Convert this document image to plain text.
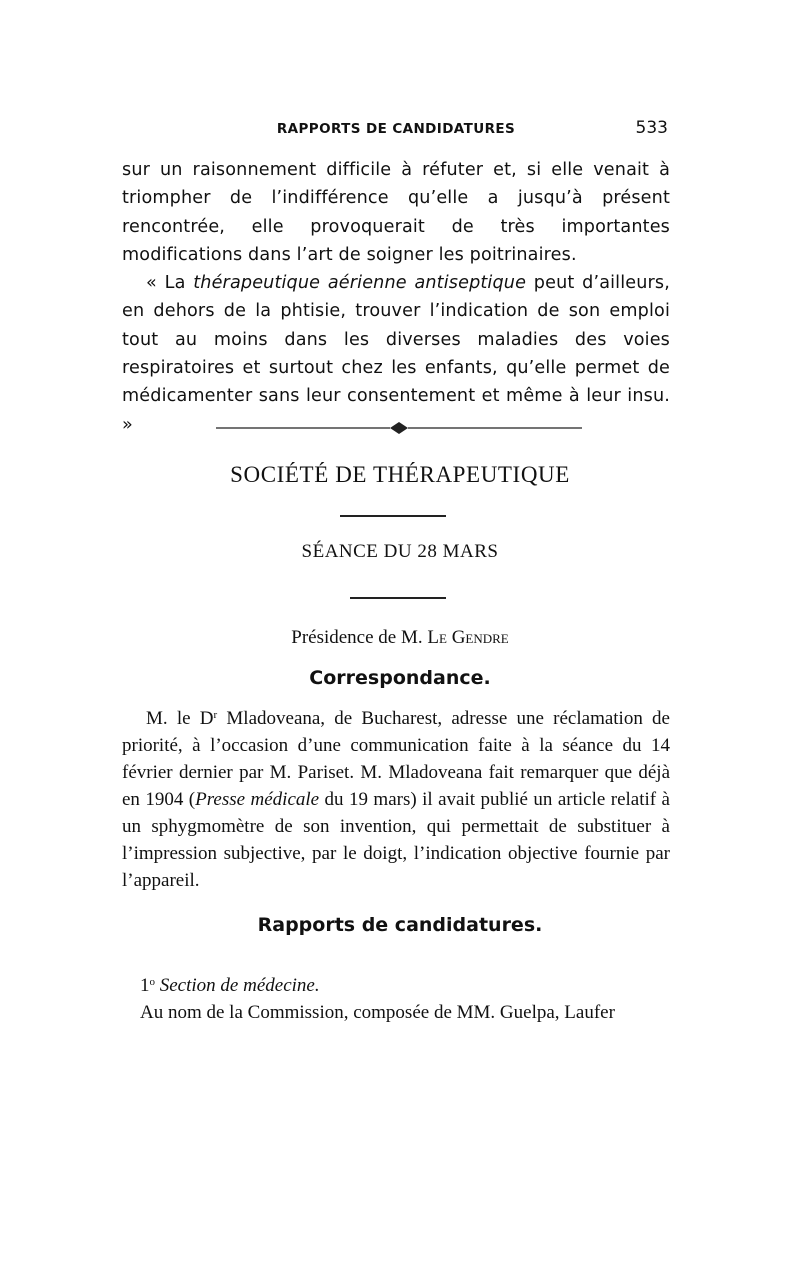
RAPPORTS DE CANDIDATURES	533

sur un raisonnement difficile à réfuter et, si elle venait à triompher de l’indifférence qu’elle a jusqu’à présent rencontrée, elle provoquerait de très importantes modifications dans l’art de soigner les poitrinaires.

« La thérapeutique aérienne antiseptique peut d’ailleurs, en dehors de la phtisie, trouver l’indication de son emploi tout au moins dans les diverses maladies des voies respiratoires et surtout chez les enfants, qu’elle permet de médicamenter sans leur consentement et même à leur insu. »

SOCIÉTÉ DE THÉRAPEUTIQUE
SÉANCE DU 28 MARS
Présidence de M. Le Gendre
Correspondance.
M. le $D^r$ Mladoveana, de Bucharest, adresse une réclamation de priorité, à l’occasion d’une communication faite à la séance du 14 février dernier par M. Pariset. M. Mladoveana fait remarquer que déjà en 1904 (Presse médicale du 19 mars) il avait publié un article relatif à un sphygmomètre de son invention, qui permettait de substituer à l’impression subjective, par le doigt, l’indication objective fournie par l’appareil.
Rapports de candidatures.
1$^o$ Section de médecine.
Au nom de la Commission, composée de MM. Guelpa, Laufer
